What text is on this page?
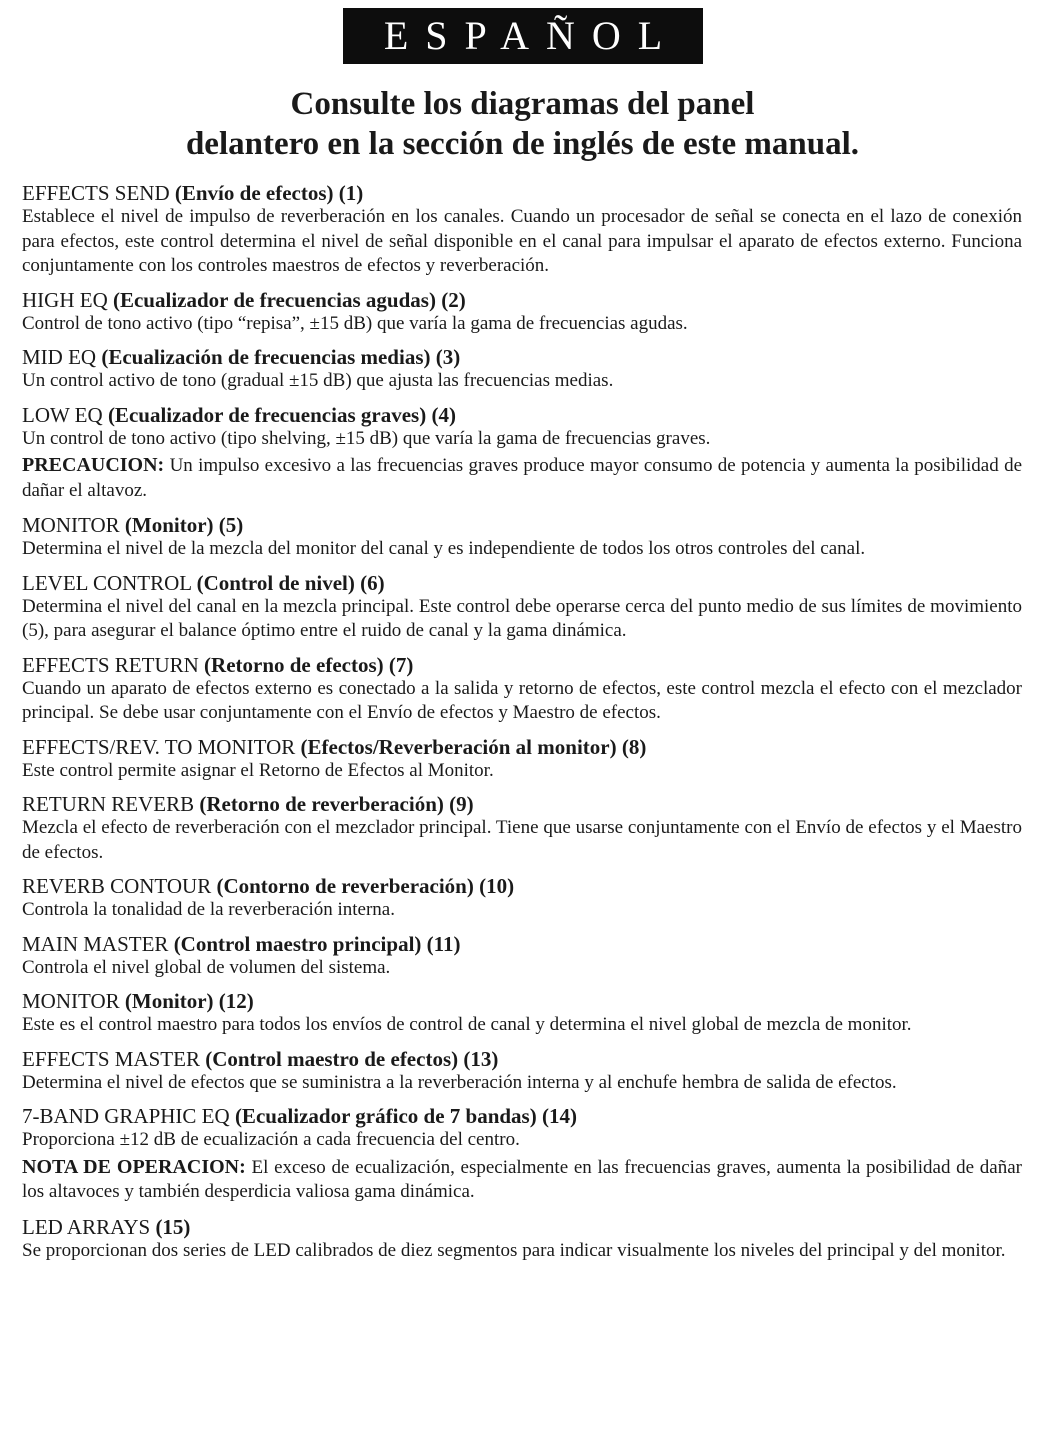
ESPAÑOL
Consulte los diagramas del panel
delantero en la sección de inglés de este manual.
EFFECTS SEND (Envío de efectos) (1)
Establece el nivel de impulso de reverberación en los canales. Cuando un procesador de señal se conecta en el lazo de conexión para efectos, este control determina el nivel de señal disponible en el canal para impulsar el aparato de efectos externo. Funciona conjuntamente con los controles maestros de efectos y reverberación.
HIGH EQ (Ecualizador de frecuencias agudas) (2)
Control de tono activo (tipo “repisa”, ±15 dB) que varía la gama de frecuencias agudas.
MID EQ (Ecualización de frecuencias medias) (3)
Un control activo de tono (gradual ±15 dB) que ajusta las frecuencias medias.
LOW EQ (Ecualizador de frecuencias graves) (4)
Un control de tono activo (tipo shelving, ±15 dB) que varía la gama de frecuencias graves.
PRECAUCION: Un impulso excesivo a las frecuencias graves produce mayor consumo de potencia y aumenta la posibilidad de dañar el altavoz.
MONITOR (Monitor) (5)
Determina el nivel de la mezcla del monitor del canal y es independiente de todos los otros controles del canal.
LEVEL CONTROL (Control de nivel) (6)
Determina el nivel del canal en la mezcla principal. Este control debe operarse cerca del punto medio de sus límites de movimiento (5), para asegurar el balance óptimo entre el ruido de canal y la gama dinámica.
EFFECTS RETURN (Retorno de efectos) (7)
Cuando un aparato de efectos externo es conectado a la salida y retorno de efectos, este control mezcla el efecto con el mezclador principal. Se debe usar conjuntamente con el Envío de efectos y Maestro de efectos.
EFFECTS/REV. TO MONITOR (Efectos/Reverberación al monitor) (8)
Este control permite asignar el Retorno de Efectos al Monitor.
RETURN REVERB (Retorno de reverberación) (9)
Mezcla el efecto de reverberación con el mezclador principal. Tiene que usarse conjuntamente con el Envío de efectos y el Maestro de efectos.
REVERB CONTOUR (Contorno de reverberación) (10)
Controla la tonalidad de la reverberación interna.
MAIN MASTER (Control maestro principal) (11)
Controla el nivel global de volumen del sistema.
MONITOR (Monitor) (12)
Este es el control maestro para todos los envíos de control de canal y determina el nivel global de mezcla de monitor.
EFFECTS MASTER (Control maestro de efectos) (13)
Determina el nivel de efectos que se suministra a la reverberación interna y al enchufe hembra de salida de efectos.
7-BAND GRAPHIC EQ (Ecualizador gráfico de 7 bandas) (14)
Proporciona ±12 dB de ecualización a cada frecuencia del centro.
NOTA DE OPERACION: El exceso de ecualización, especialmente en las frecuencias graves, aumenta la posibilidad de dañar los altavoces y también desperdicia valiosa gama dinámica.
LED ARRAYS (15)
Se proporcionan dos series de LED calibrados de diez segmentos para indicar visualmente los niveles del principal y del monitor.
